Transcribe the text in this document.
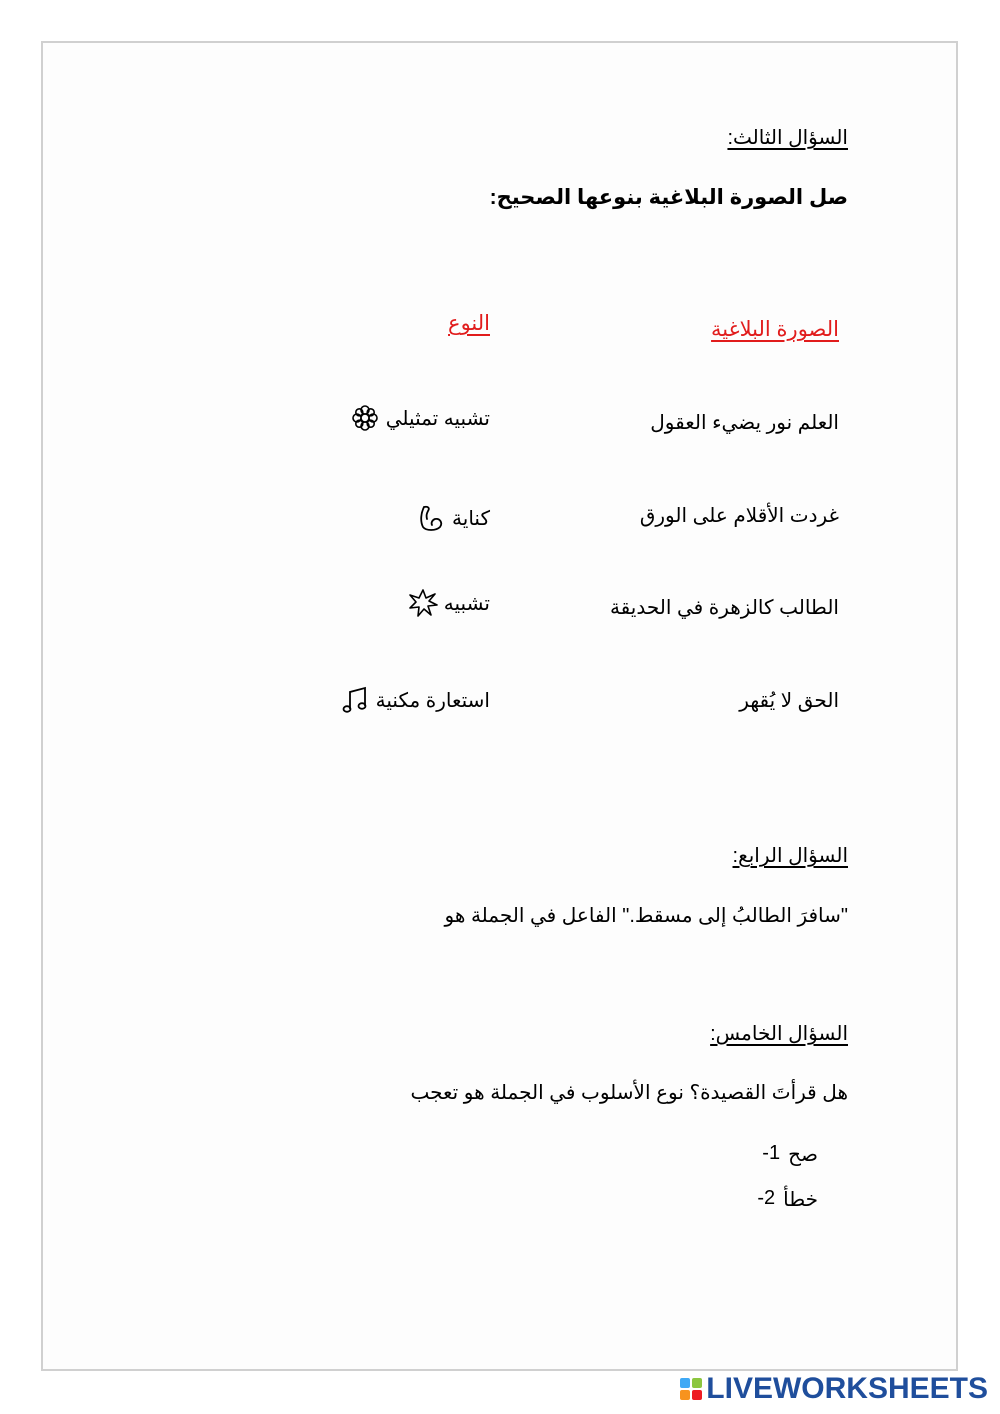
السؤال الثالث:
صل الصورة البلاغية بنوعها الصحيح:
الصورة البلاغية
النوع
العلم نور يضيء العقول
غردت الأقلام على الورق
الطالب كالزهرة في الحديقة
الحق لا يُقهر
تشبيه تمثيلي
كناية
تشبيه
استعارة مكنية
السؤال الرابع:
"سافرَ الطالبُ إلى مسقط." الفاعل في الجملة هو
السؤال الخامس:
هل قرأتَ القصيدة؟ نوع الأسلوب في الجملة هو تعجب
1- صح
2- خطأ
LIVEWORKSHEETS
